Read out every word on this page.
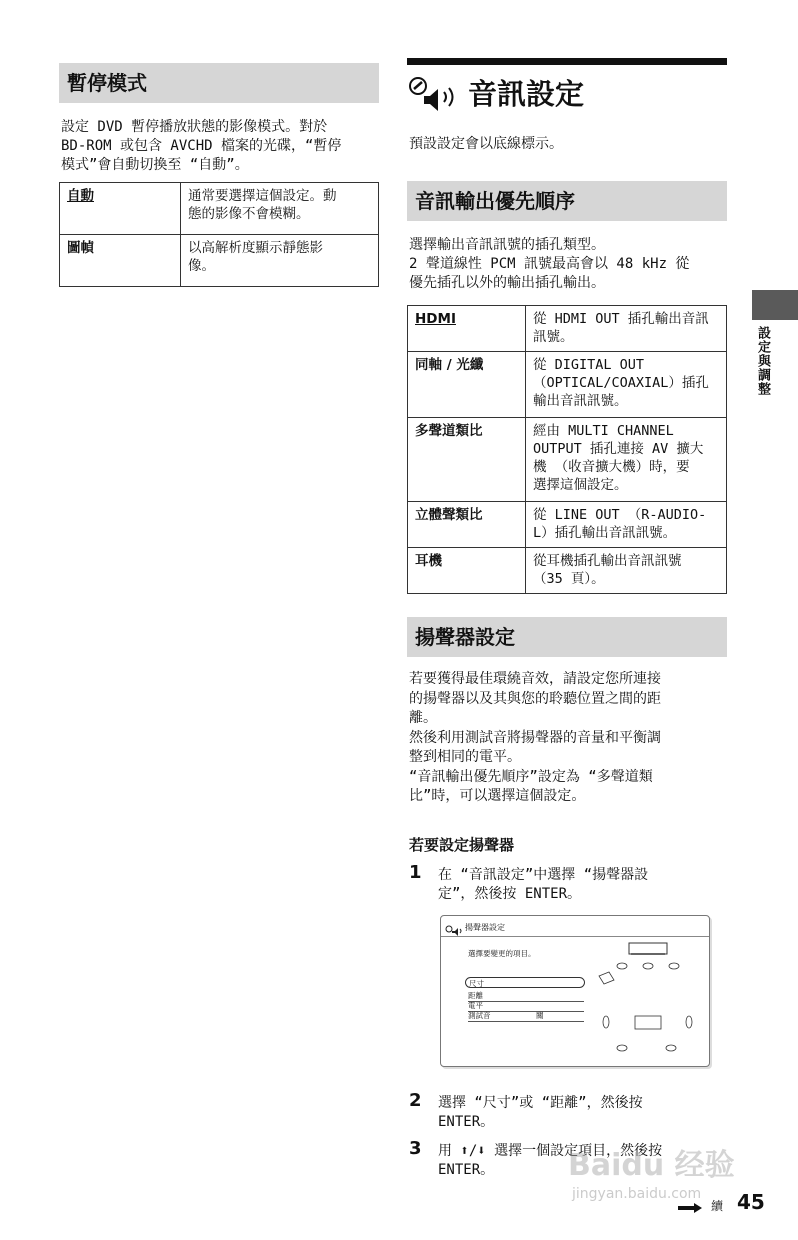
暫停模式
設定 DVD 暫停播放狀態的影像模式。對於
BD-ROM 或包含 AVCHD 檔案的光碟，“暫停
模式”會自動切換至 “自動”。
自動	通常要選擇這個設定。動
態的影像不會模糊。
圖幀	以高解析度顯示靜態影
像。
音訊設定
預設設定會以底線標示。
音訊輸出優先順序
選擇輸出音訊訊號的插孔類型。
2 聲道線性 PCM 訊號最高會以 48 kHz 從
優先插孔以外的輸出插孔輸出。
HDMI	從 HDMI OUT 插孔輸出音訊
訊號。
同軸 / 光纖	從 DIGITAL OUT
（OPTICAL/COAXIAL）插孔
輸出音訊訊號。
多聲道類比	經由 MULTI CHANNEL
OUTPUT 插孔連接 AV 擴大
機 （收音擴大機）時，要
選擇這個設定。
立體聲類比	從 LINE OUT （R-AUDIO-
L）插孔輸出音訊訊號。
耳機	從耳機插孔輸出音訊訊號
（35 頁）。
揚聲器設定
若要獲得最佳環繞音效，請設定您所連接
的揚聲器以及其與您的聆聽位置之間的距
離。
然後利用測試音將揚聲器的音量和平衡調
整到相同的電平。
“音訊輸出優先順序”設定為 “多聲道類
比”時，可以選擇這個設定。
若要設定揚聲器
1 在 “音訊設定”中選擇 “揚聲器設
定”，然後按 ENTER。
揚聲器設定
選擇要變更的項目。
尺寸
距離
電平
測試音	關
2 選擇 “尺寸”或 “距離”，然後按
ENTER。
3 用 ⬆/⬇ 選擇一個設定項目，然後按
ENTER。
設定與調整
續 45
Baidu 经验
jingyan.baidu.com
